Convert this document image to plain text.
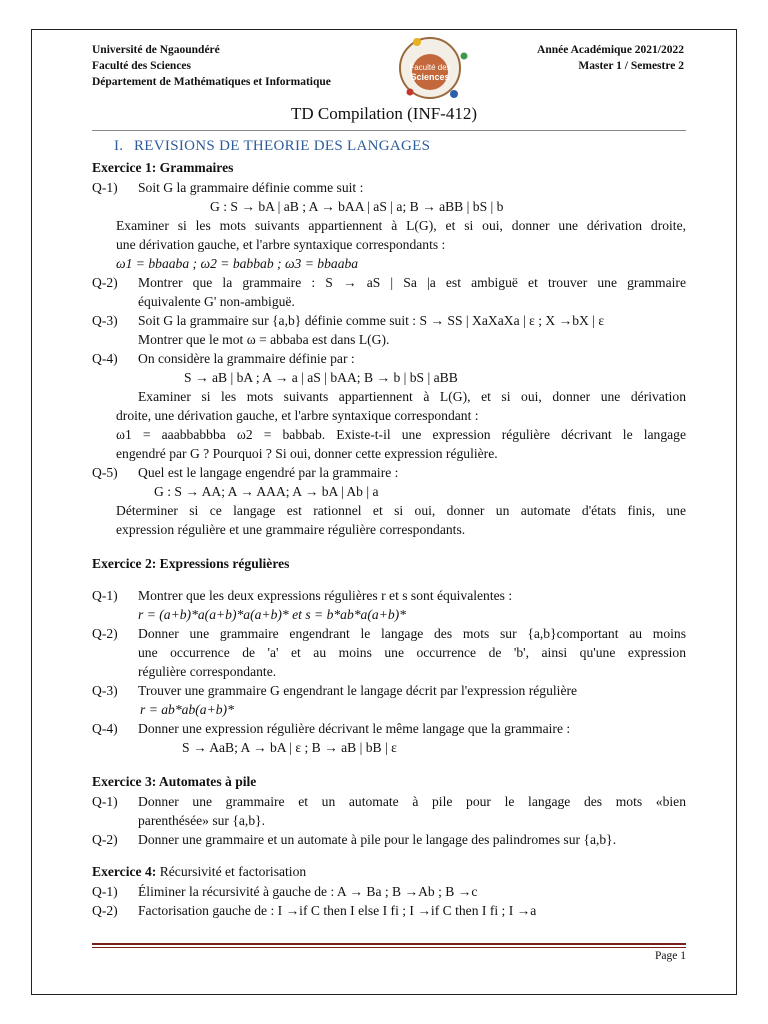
Université de Ngaoundéré
Faculté des Sciences
Département de Mathématiques et Informatique
Faculté des
Sciences
Année Académique 2021/2022
Master 1 / Semestre 2
TD Compilation (INF-412)
I. REVISIONS DE THEORIE DES LANGAGES
Exercice 1: Grammaires
Q-1) Soit G la grammaire définie comme suit :
G : S → bA | aB ; A → bAA | aS | a; B → aBB | bS | b
Examiner si les mots suivants appartiennent à L(G), et si oui, donner une dérivation droite,
une dérivation gauche, et l'arbre syntaxique correspondants :
ω1 = bbaaba ; ω2 = babbab ; ω3 = bbaaba
Q-2) Montrer que la grammaire : S → aS | Sa |a est ambiguë et trouver une grammaire
équivalente G' non-ambiguë.
Q-3) Soit G la grammaire sur {a,b} définie comme suit : S → SS | XaXaXa | ε ; X →bX | ε
Montrer que le mot ω = abbaba est dans L(G).
Q-4) On considère la grammaire définie par :
S → aB | bA ; A → a | aS | bAA; B → b | bS | aBB
Examiner si les mots suivants appartiennent à L(G), et si oui, donner une dérivation
droite, une dérivation gauche, et l'arbre syntaxique correspondant :
ω1 = aaabbabbba ω2 = babbab. Existe-t-il une expression régulière décrivant le langage
engendré par G ? Pourquoi ? Si oui, donner cette expression régulière.
Q-5) Quel est le langage engendré par la grammaire :
G : S → AA; A → AAA; A → bA | Ab | a
Déterminer si ce langage est rationnel et si oui, donner un automate d'états finis, une
expression régulière et une grammaire régulière correspondants.
Exercice 2: Expressions régulières
Q-1) Montrer que les deux expressions régulières r et s sont équivalentes :
r = (a+b)*a(a+b)*a(a+b)* et s = b*ab*a(a+b)*
Q-2) Donner une grammaire engendrant le langage des mots sur {a,b}comportant au moins
une occurrence de 'a' et au moins une occurrence de 'b', ainsi qu'une expression
régulière correspondante.
Q-3) Trouver une grammaire G engendrant le langage décrit par l'expression régulière
r = ab*ab(a+b)*
Q-4) Donner une expression régulière décrivant le même langage que la grammaire :
S → AaB; A → bA | ε ; B → aB | bB | ε
Exercice 3: Automates à pile
Q-1) Donner une grammaire et un automate à pile pour le langage des mots «bien
parenthésée» sur {a,b}.
Q-2) Donner une grammaire et un automate à pile pour le langage des palindromes sur {a,b}.
Exercice 4: Récursivité et factorisation
Q-1) Éliminer la récursivité à gauche de : A → Ba ; B →Ab ; B →c
Q-2) Factorisation gauche de : I →if C then I else I fi ; I →if C then I fi ; I →a
Page 1
